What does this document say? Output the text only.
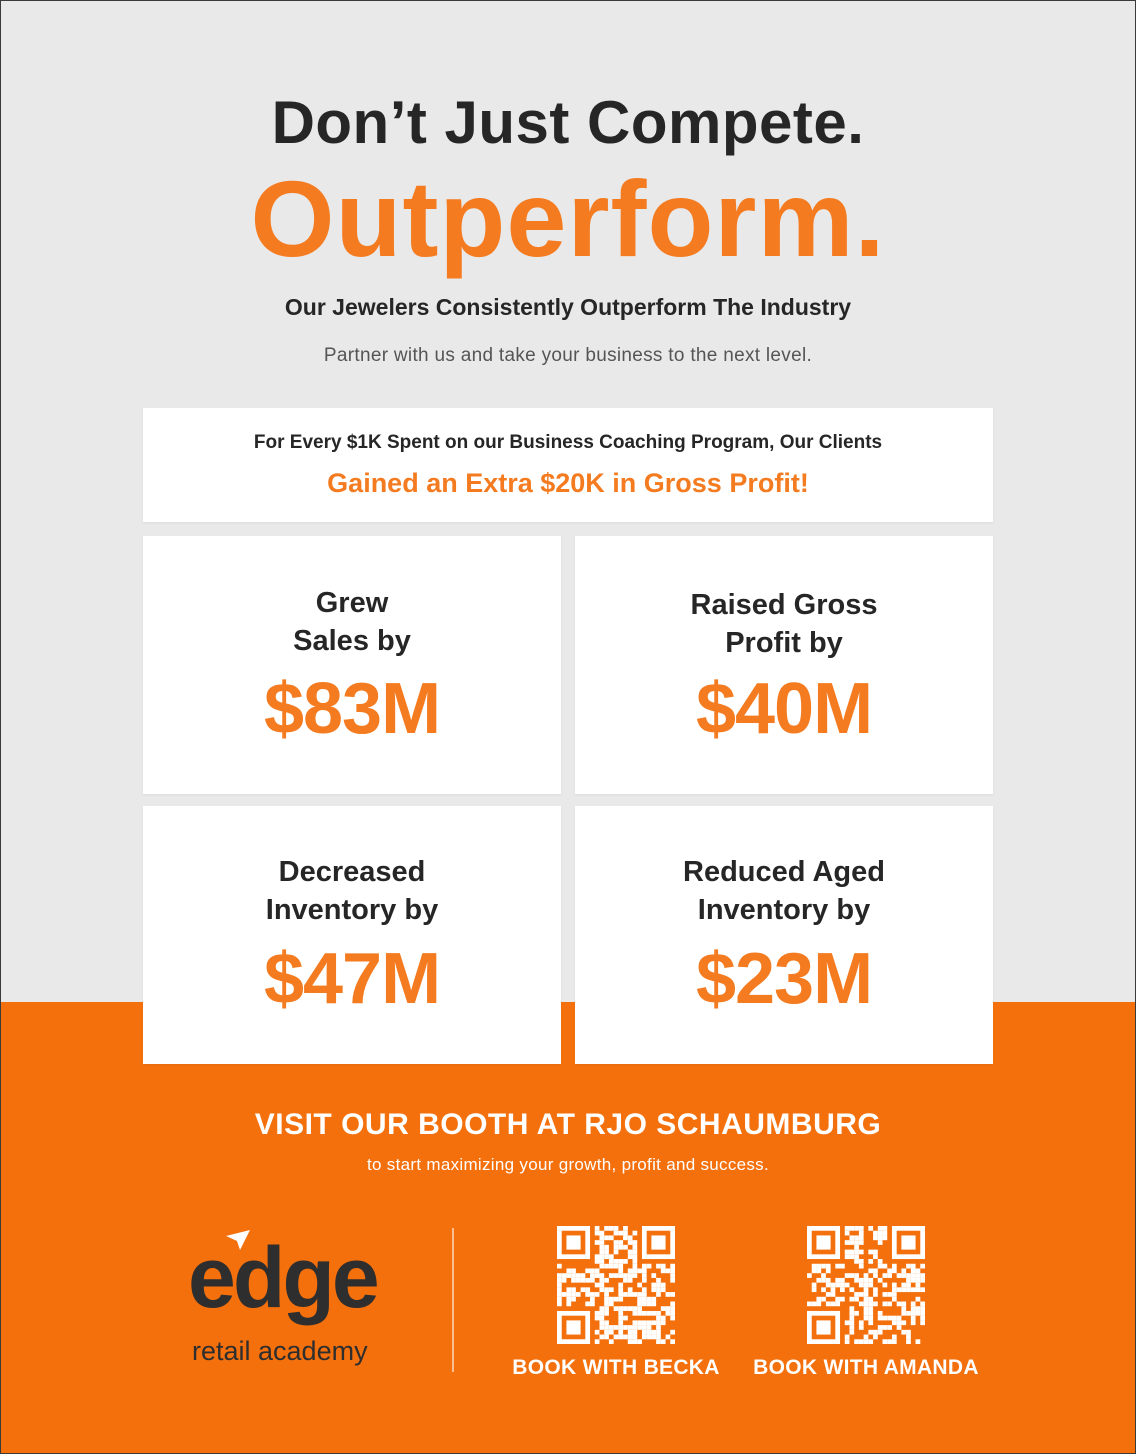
Don’t Just Compete.
Outperform.
Our Jewelers Consistently Outperform The Industry
Partner with us and take your business to the next level.
For Every $1K Spent on our Business Coaching Program, Our Clients
Gained an Extra $20K in Gross Profit!
Grew
Sales by
$83M
Raised Gross
Profit by
$40M
Decreased
Inventory by
$47M
Reduced Aged
Inventory by
$23M
VISIT OUR BOOTH AT RJO SCHAUMBURG
to start maximizing your growth, profit and success.
edge
retail academy
BOOK WITH BECKA	BOOK WITH AMANDA
